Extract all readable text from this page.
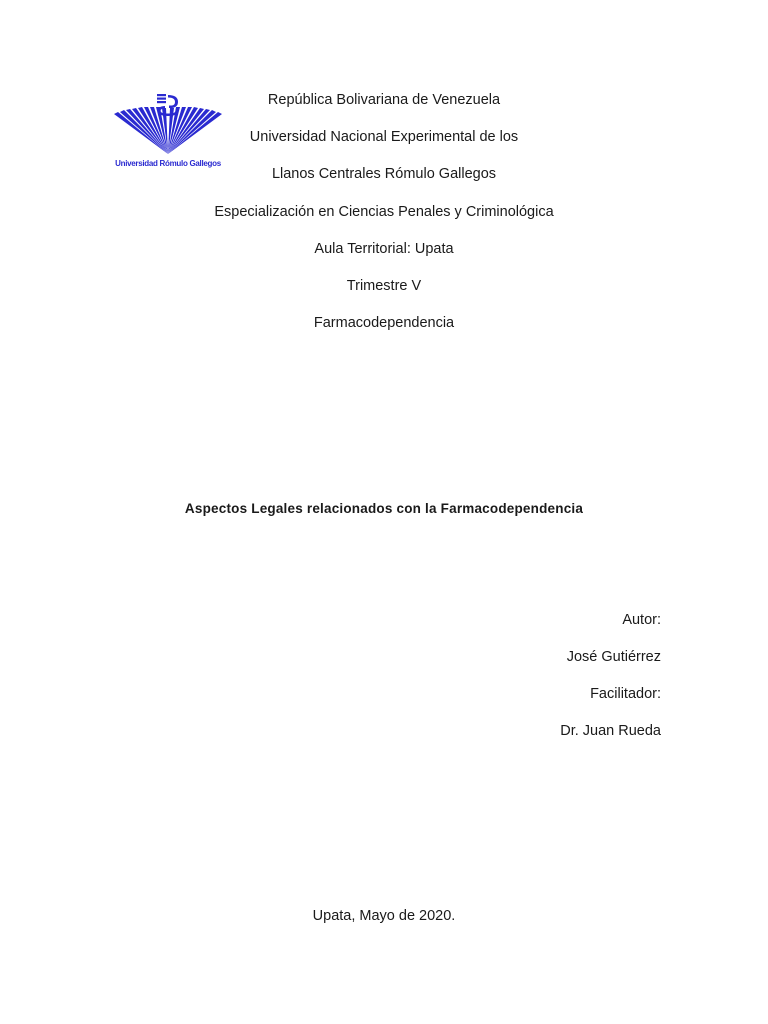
Universidad Rómulo Gallegos
República Bolivariana de Venezuela
Universidad Nacional Experimental de los
Llanos Centrales Rómulo Gallegos
Especialización en Ciencias Penales y Criminológica
Aula Territorial: Upata
Trimestre V
Farmacodependencia
Aspectos Legales relacionados con la Farmacodependencia
Autor:
José Gutiérrez
Facilitador:
Dr. Juan Rueda
Upata, Mayo de 2020.
